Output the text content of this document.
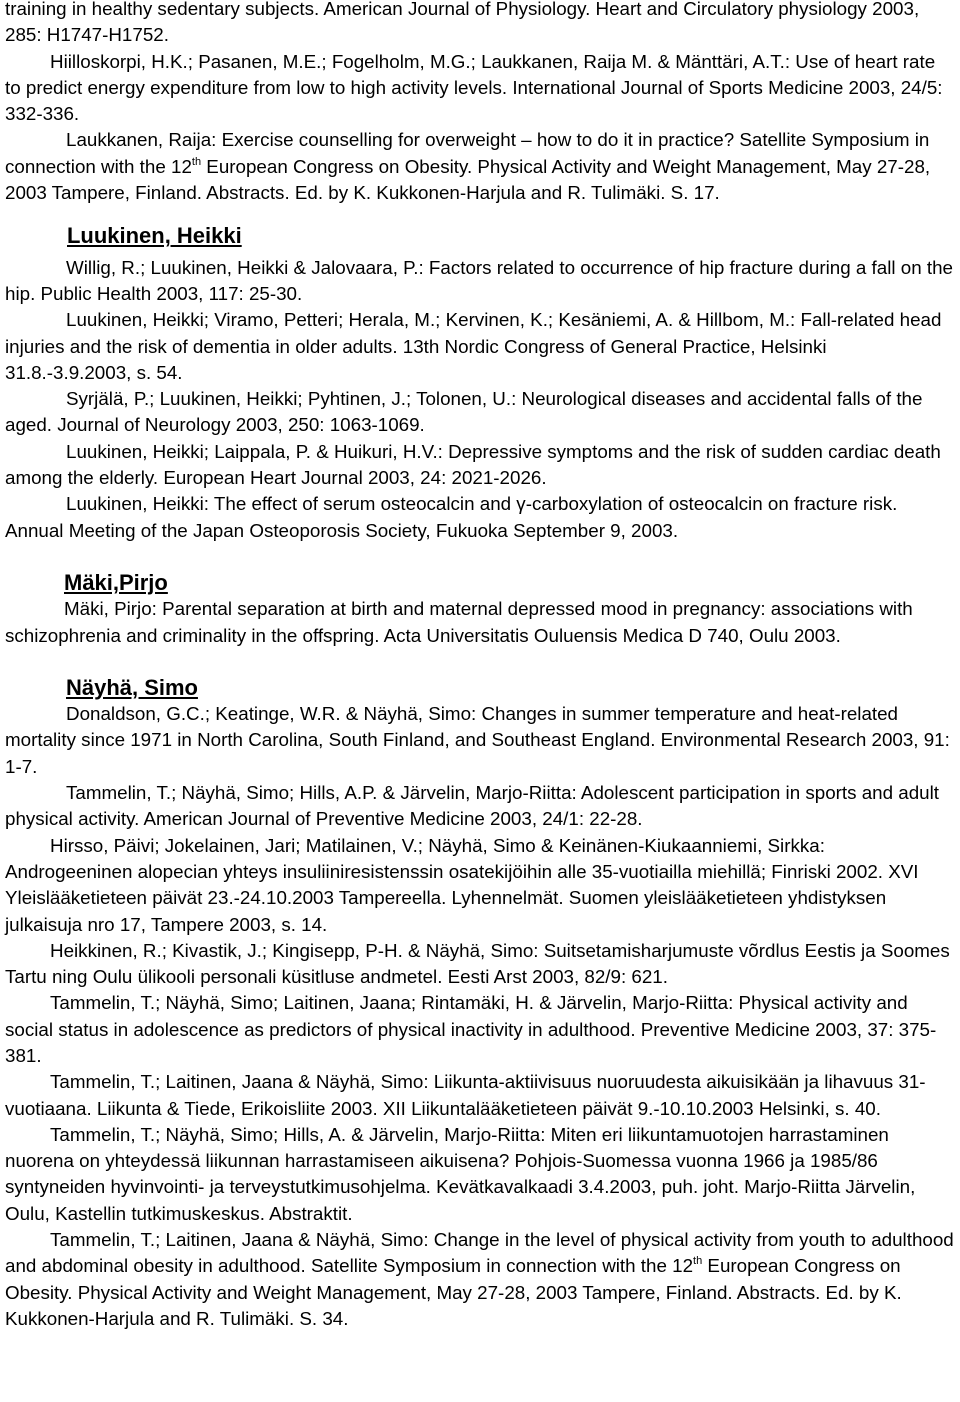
training in healthy sedentary subjects. American Journal of Physiology. Heart and Circulatory physiology 2003, 285: H1747-H1752.

Hiilloskorpi, H.K.; Pasanen, M.E.; Fogelholm, M.G.; Laukkanen, Raija M. & Mänttäri, A.T.: Use of heart rate to predict energy expenditure from low to high activity levels. International Journal of Sports Medicine 2003, 24/5: 332-336.

Laukkanen, Raija: Exercise counselling for overweight – how to do it in practice? Satellite Symposium in connection with the 12th European Congress on Obesity. Physical Activity and Weight Management, May 27-28, 2003 Tampere, Finland. Abstracts. Ed. by K. Kukkonen-Harjula and R. Tulimäki. S. 17.

Luukinen, Heikki

Willig, R.; Luukinen, Heikki & Jalovaara, P.: Factors related to occurrence of hip fracture during a fall on the hip. Public Health 2003, 117: 25-30.

Luukinen, Heikki; Viramo, Petteri; Herala, M.; Kervinen, K.; Kesäniemi, A. & Hillbom, M.: Fall-related head injuries and the risk of dementia in older adults. 13th Nordic Congress of General Practice, Helsinki 31.8.-3.9.2003, s. 54.

Syrjälä, P.; Luukinen, Heikki; Pyhtinen, J.; Tolonen, U.: Neurological diseases and accidental falls of the aged. Journal of Neurology 2003, 250: 1063-1069.

Luukinen, Heikki; Laippala, P. & Huikuri, H.V.: Depressive symptoms and the risk of sudden cardiac death among the elderly. European Heart Journal 2003, 24: 2021-2026.

Luukinen, Heikki: The effect of serum osteocalcin and γ-carboxylation of osteocalcin on fracture risk. Annual Meeting of the Japan Osteoporosis Society, Fukuoka September 9, 2003.

Mäki,Pirjo

Mäki, Pirjo: Parental separation at birth and maternal depressed mood in pregnancy: associations with schizophrenia and criminality in the offspring. Acta Universitatis Ouluensis Medica D 740, Oulu 2003.

Näyhä, Simo

Donaldson, G.C.; Keatinge, W.R. & Näyhä, Simo: Changes in summer temperature and heat-related mortality since 1971 in North Carolina, South Finland, and Southeast England. Environmental Research 2003, 91: 1-7.

Tammelin, T.; Näyhä, Simo; Hills, A.P. & Järvelin, Marjo-Riitta: Adolescent participation in sports and adult physical activity. American Journal of Preventive Medicine 2003, 24/1: 22-28.

Hirsso, Päivi; Jokelainen, Jari; Matilainen, V.; Näyhä, Simo & Keinänen-Kiukaanniemi, Sirkka: Androgeeninen alopecian yhteys insuliiniresistenssin osatekijöihin alle 35-vuotiailla miehillä; Finriski 2002. XVI Yleislääketieteen päivät 23.-24.10.2003 Tampereella. Lyhennelmät. Suomen yleislääketieteen yhdistyksen julkaisuja nro 17, Tampere 2003, s. 14.

Heikkinen, R.; Kivastik, J.; Kingisepp, P-H. & Näyhä, Simo: Suitsetamisharjumuste võrdlus Eestis ja Soomes Tartu ning Oulu ülikooli personali küsitluse andmetel. Eesti Arst 2003, 82/9: 621.

Tammelin, T.; Näyhä, Simo; Laitinen, Jaana; Rintamäki, H. & Järvelin, Marjo-Riitta: Physical activity and social status in adolescence as predictors of physical inactivity in adulthood. Preventive Medicine 2003, 37: 375-381.

Tammelin, T.; Laitinen, Jaana & Näyhä, Simo: Liikunta-aktiivisuus nuoruudesta aikuisikään ja lihavuus 31-vuotiaana. Liikunta & Tiede, Erikoisliite 2003. XII Liikuntalääketieteen päivät 9.-10.10.2003 Helsinki, s. 40.

Tammelin, T.; Näyhä, Simo; Hills, A. & Järvelin, Marjo-Riitta: Miten eri liikuntamuotojen harrastaminen nuorena on yhteydessä liikunnan harrastamiseen aikuisena? Pohjois-Suomessa vuonna 1966 ja 1985/86 syntyneiden hyvinvointi- ja terveystutkimusohjelma. Kevätkavalkaadi 3.4.2003, puh. joht. Marjo-Riitta Järvelin, Oulu, Kastellin tutkimuskeskus. Abstraktit.

Tammelin, T.; Laitinen, Jaana & Näyhä, Simo: Change in the level of physical activity from youth to adulthood and abdominal obesity in adulthood. Satellite Symposium in connection with the 12th European Congress on Obesity. Physical Activity and Weight Management, May 27-28, 2003 Tampere, Finland. Abstracts. Ed. by K. Kukkonen-Harjula and R. Tulimäki. S. 34.
